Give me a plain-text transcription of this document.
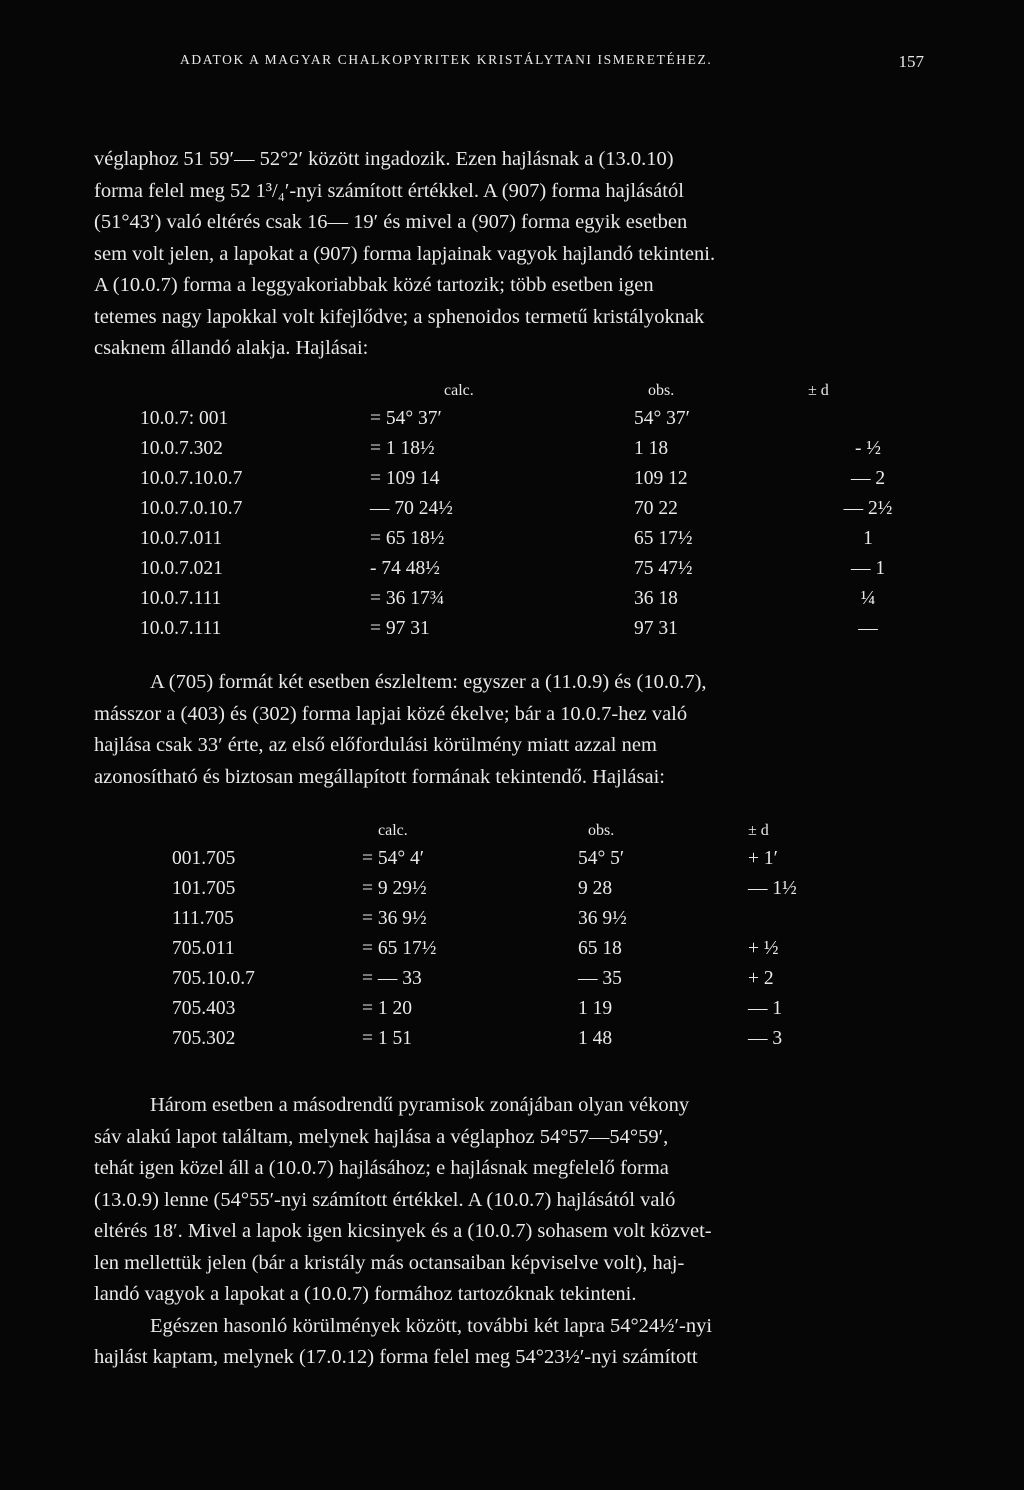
ADATOK A MAGYAR CHALKOPYRITEK KRISTÁLYTANI ISMERETÉHEZ.	157

véglaphoz 51 59′— 52°2′ között ingadozik. Ezen hajlásnak a (13.0.10)
forma felel meg 52 1³/₄′-nyi számított értékkel. A (907) forma hajlásától
(51°43′) való eltérés csak 16— 19′ és mivel a (907) forma egyik esetben
sem volt jelen, a lapokat a (907) forma lapjainak vagyok hajlandó tekinteni.
A (10.0.7) forma a leggyakoriabbak közé tartozik; több esetben igen
tetemes nagy lapokkal volt kifejlődve; a sphenoidos termetű kristályoknak
csaknem állandó alakja. Hajlásai:

	calc.	obs.	± d
10.0.7: 001	= 54° 37′	54° 37′	
10.0.7.302	= 1 18½	1 18	- ½
10.0.7.10.0.7	= 109 14	109 12	— 2
10.0.7.0.10.7	— 70 24½	70 22	— 2½
10.0.7.011	= 65 18½	65 17½	1
10.0.7.021	- 74 48½	75 47½	— 1
10.0.7.111	= 36 17¾	36 18	¼
10.0.7.111	= 97 31	97 31	—

A (705) formát két esetben észleltem: egyszer a (11.0.9) és (10.0.7),
másszor a (403) és (302) forma lapjai közé ékelve; bár a 10.0.7-hez való
hajlása csak 33′ érte, az első előfordulási körülmény miatt azzal nem
azonosítható és biztosan megállapított formának tekintendő. Hajlásai:

	calc.	obs.	± d
001.705	= 54° 4′	54° 5′	+ 1′
101.705	= 9 29½	9 28	— 1½
111.705	= 36 9½	36 9½	
705.011	= 65 17½	65 18	+ ½
705.10.0.7	= — 33	— 35	+ 2
705.403	= 1 20	1 19	— 1
705.302	= 1 51	1 48	— 3

Három esetben a másodrendű pyramisok zonájában olyan vékony
sáv alakú lapot találtam, melynek hajlása a véglaphoz 54°57—54°59′,
tehát igen közel áll a (10.0.7) hajlásához; e hajlásnak megfelelő forma
(13.0.9) lenne (54°55′-nyi számított értékkel. A (10.0.7) hajlásától való
eltérés 18′. Mivel a lapok igen kicsinyek és a (10.0.7) sohasem volt közvet-
len mellettük jelen (bár a kristály más octansaiban képviselve volt), haj-
landó vagyok a lapokat a (10.0.7) formához tartozóknak tekinteni.
Egészen hasonló körülmények között, további két lapra 54°24½′-nyi
hajlást kaptam, melynek (17.0.12) forma felel meg 54°23½′-nyi számított
